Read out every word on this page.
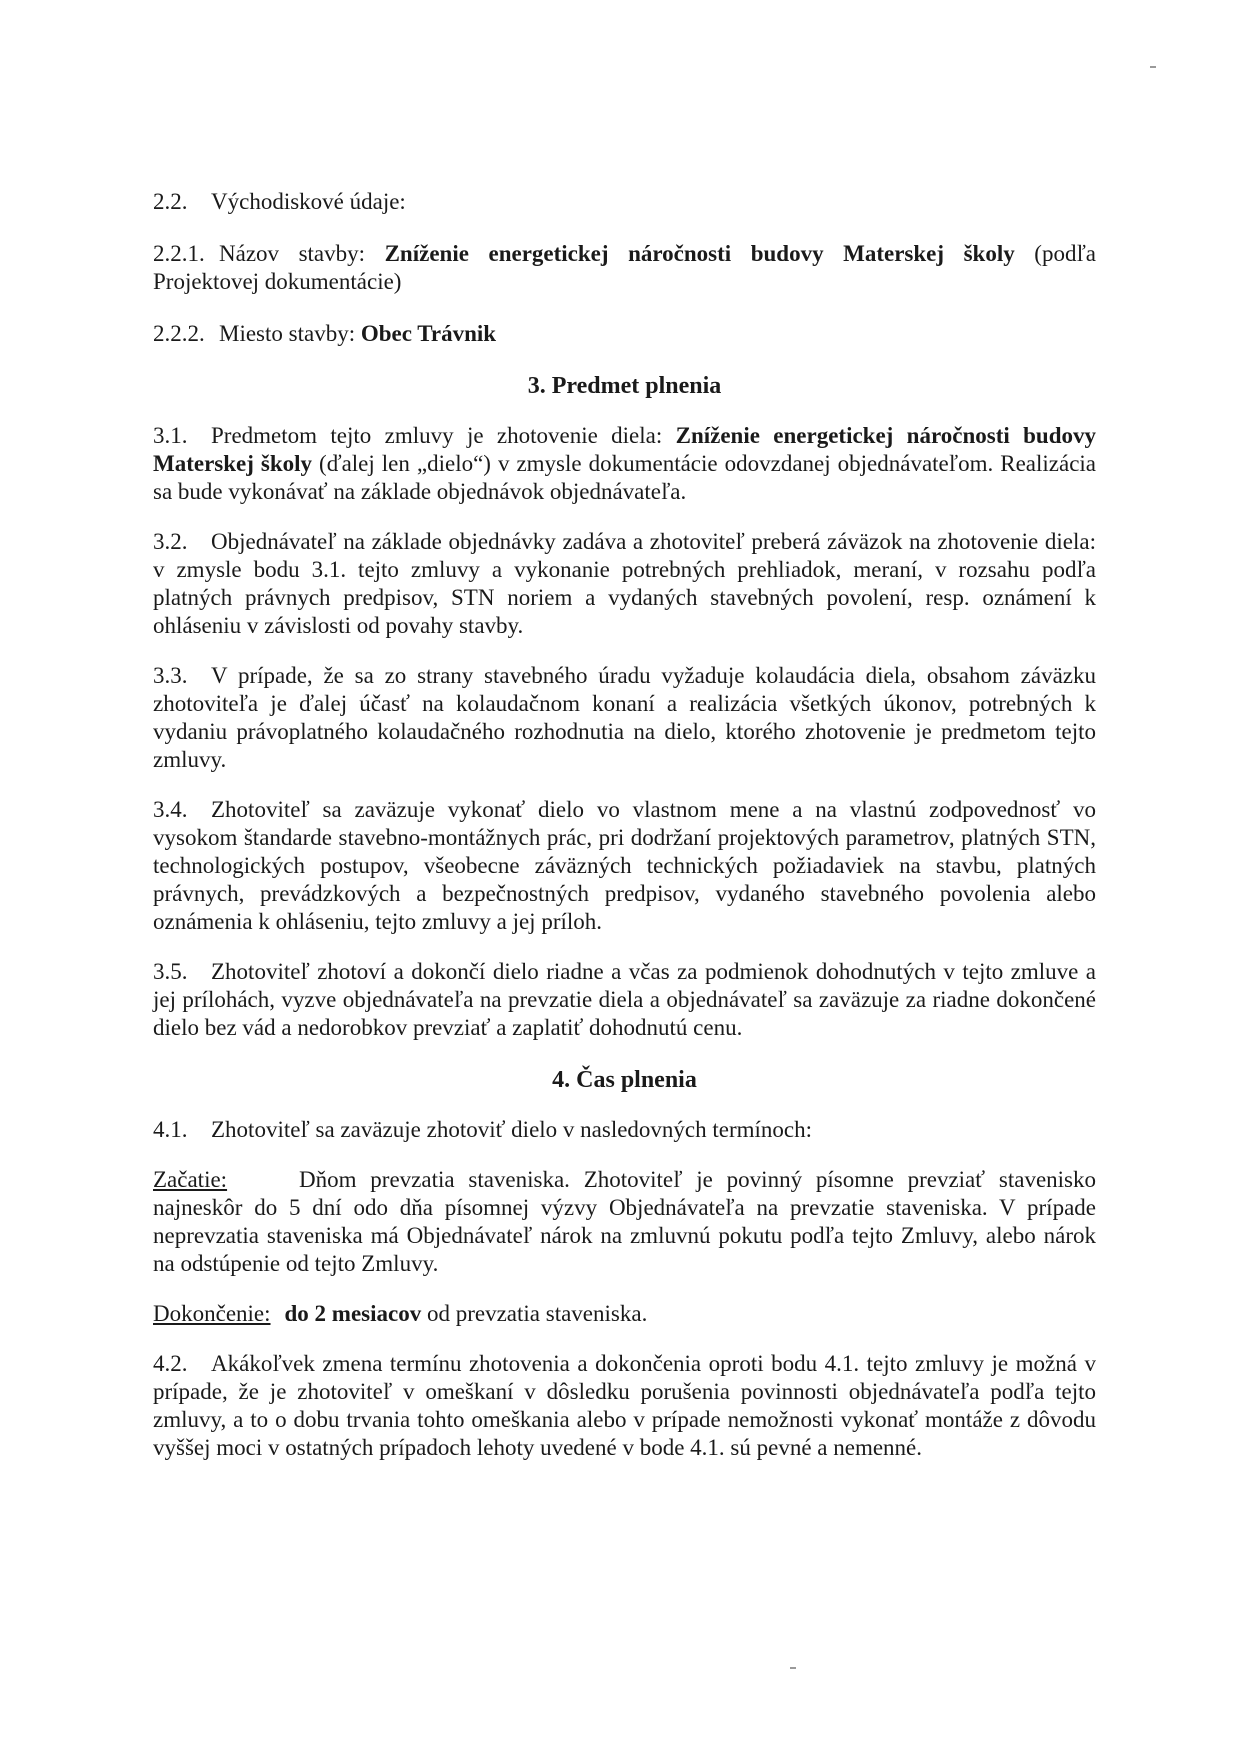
2.2. Východiskové údaje:

2.2.1. Názov stavby: Zníženie energetickej náročnosti budovy Materskej školy (podľa Projektovej dokumentácie)

2.2.2. Miesto stavby: Obec Trávnik

3. Predmet plnenia

3.1. Predmetom tejto zmluvy je zhotovenie diela: Zníženie energetickej náročnosti budovy Materskej školy (ďalej len „dielo“) v zmysle dokumentácie odovzdanej objednávateľom. Realizácia sa bude vykonávať na základe objednávok objednávateľa.

3.2. Objednávateľ na základe objednávky zadáva a zhotoviteľ preberá záväzok na zhotovenie diela: v zmysle bodu 3.1. tejto zmluvy a vykonanie potrebných prehliadok, meraní, v rozsahu podľa platných právnych predpisov, STN noriem a vydaných stavebných povolení, resp. oznámení k ohláseniu v závislosti od povahy stavby.

3.3. V prípade, že sa zo strany stavebného úradu vyžaduje kolaudácia diela, obsahom záväzku zhotoviteľa je ďalej účasť na kolaudačnom konaní a realizácia všetkých úkonov, potrebných k vydaniu právoplatného kolaudačného rozhodnutia na dielo, ktorého zhotovenie je predmetom tejto zmluvy.

3.4. Zhotoviteľ sa zaväzuje vykonať dielo vo vlastnom mene a na vlastnú zodpovednosť vo vysokom štandarde stavebno-montážnych prác, pri dodržaní projektových parametrov, platných STN, technologických postupov, všeobecne záväzných technických požiadaviek na stavbu, platných právnych, prevádzkových a bezpečnostných predpisov, vydaného stavebného povolenia alebo oznámenia k ohláseniu, tejto zmluvy a jej príloh.

3.5. Zhotoviteľ zhotoví a dokončí dielo riadne a včas za podmienok dohodnutých v tejto zmluve a jej prílohách, vyzve objednávateľa na prevzatie diela a objednávateľ sa zaväzuje za riadne dokončené dielo bez vád a nedorobkov prevziať a zaplatiť dohodnutú cenu.

4. Čas plnenia

4.1. Zhotoviteľ sa zaväzuje zhotoviť dielo v nasledovných termínoch:

Začatie:	Dňom prevzatia staveniska. Zhotoviteľ je povinný písomne prevziať stavenisko najneskôr do 5 dní odo dňa písomnej výzvy Objednávateľa na prevzatie staveniska. V prípade neprevzatia staveniska má Objednávateľ nárok na zmluvnú pokutu podľa tejto Zmluvy, alebo nárok na odstúpenie od tejto Zmluvy.

Dokončenie: do 2 mesiacov od prevzatia staveniska.

4.2. Akákoľvek zmena termínu zhotovenia a dokončenia oproti bodu 4.1. tejto zmluvy je možná v prípade, že je zhotoviteľ v omeškaní v dôsledku porušenia povinnosti objednávateľa podľa tejto zmluvy, a to o dobu trvania tohto omeškania alebo v prípade nemožnosti vykonať montáže z dôvodu vyššej moci v ostatných prípadoch lehoty uvedené v bode 4.1. sú pevné a nemenné.
